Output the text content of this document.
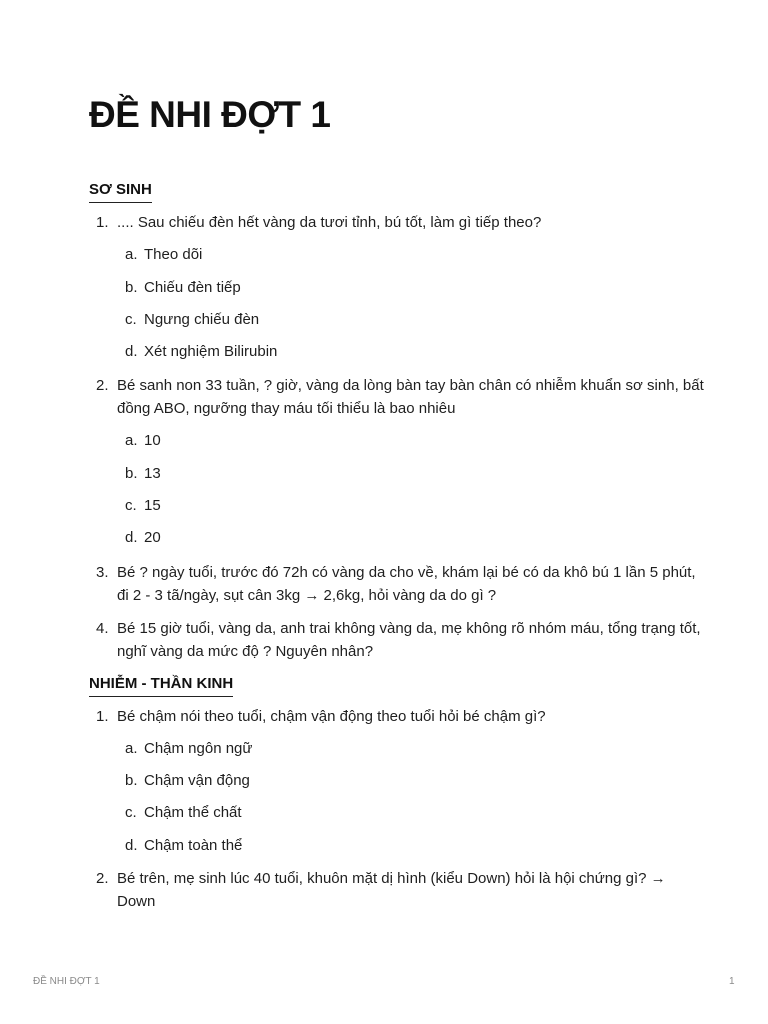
ĐỀ NHI ĐỢT 1
SƠ SINH

1. .... Sau chiếu đèn hết vàng da tươi tỉnh, bú tốt, làm gì tiếp theo?

a. Theo dõi

b. Chiếu đèn tiếp

c. Ngưng chiếu đèn

d. Xét nghiệm Bilirubin

2. Bé sanh non 33 tuần, ? giờ, vàng da lòng bàn tay bàn chân có nhiễm khuẩn sơ sinh, bất đồng ABO, ngưỡng thay máu tối thiểu là bao nhiêu

a. 10

b. 13

c. 15

d. 20

3. Bé ? ngày tuổi, trước đó 72h có vàng da cho về, khám lại bé có da khô bú 1 lần 5 phút, đi 2 - 3 tã/ngày, sụt cân 3kg → 2,6kg, hỏi vàng da do gì ?

4. Bé 15 giờ tuổi, vàng da, anh trai không vàng da, mẹ không rõ nhóm máu, tổng trạng tốt, nghĩ vàng da mức độ ? Nguyên nhân?

NHIỄM - THẦN KINH

1. Bé chậm nói theo tuổi, chậm vận động theo tuổi hỏi bé chậm gì?

a. Chậm ngôn ngữ

b. Chậm vận động

c. Chậm thể chất

d. Chậm toàn thể

2. Bé trên, mẹ sinh lúc 40 tuổi, khuôn mặt dị hình (kiểu Down) hỏi là hội chứng gì? → Down

ĐỀ NHI ĐỢT 1	1
